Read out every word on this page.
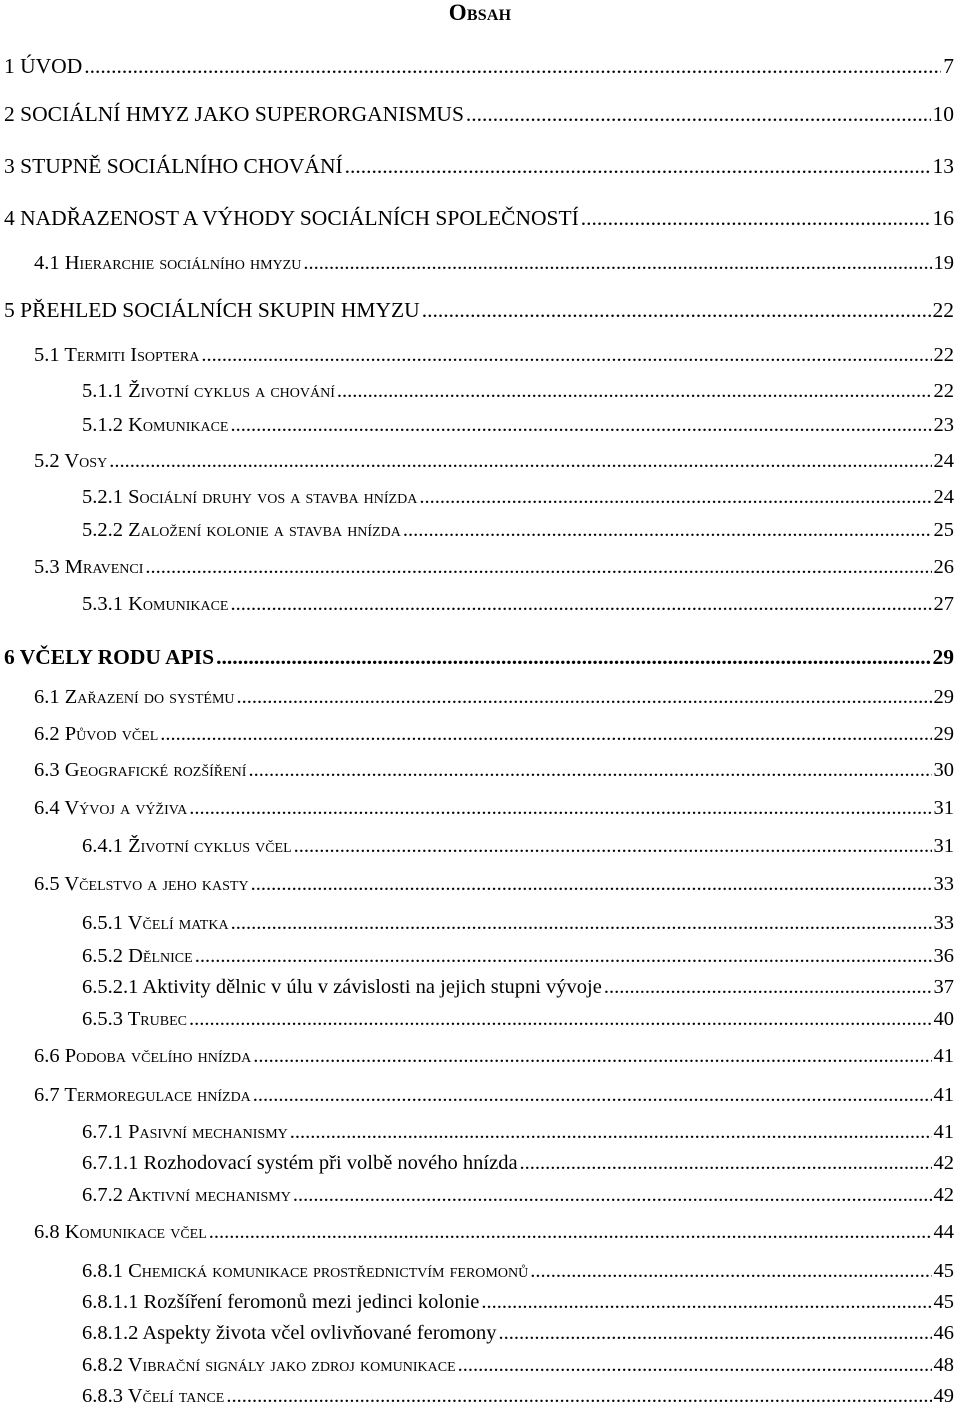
Obsah
1 ÚVOD .....	7
2 SOCIÁLNÍ HMYZ JAKO SUPERORGANISMUS .....	10
3 STUPNĚ SOCIÁLNÍHO CHOVÁNÍ .....	13
4 NADŘAZENOST A VÝHODY SOCIÁLNÍCH SPOLEČNOSTÍ .....	16
4.1 Hierarchie sociálního hmyzu .....	19
5 PŘEHLED SOCIÁLNÍCH SKUPIN HMYZU .....	22
5.1 Termiti Isoptera .....	22
5.1.1 Životní cyklus a chování .....	22
5.1.2 Komunikace .....	23
5.2 Vosy .....	24
5.2.1 Sociální druhy vos a stavba hnízda .....	24
5.2.2 Založení kolonie a stavba hnízda .....	25
5.3 Mravenci .....	26
5.3.1 Komunikace .....	27
6 VČELY RODU APIS .....	29
6.1 Zařazení do systému .....	29
6.2 Původ včel .....	29
6.3 Geografické rozšíření .....	30
6.4 Vývoj a výživa .....	31
6.4.1 Životní cyklus včel .....	31
6.5 Včelstvo a jeho kasty .....	33
6.5.1 Včelí matka .....	33
6.5.2 Dělnice .....	36
6.5.2.1 Aktivity dělnic v úlu v závislosti na jejich stupni vývoje .....	37
6.5.3 Trubec .....	40
6.6 Podoba včelího hnízda .....	41
6.7 Termoregulace hnízda .....	41
6.7.1 Pasivní mechanismy .....	41
6.7.1.1 Rozhodovací systém při volbě nového hnízda .....	42
6.7.2 Aktivní mechanismy .....	42
6.8 Komunikace včel .....	44
6.8.1 Chemická komunikace prostřednictvím feromonů .....	45
6.8.1.1 Rozšíření feromonů mezi jedinci kolonie .....	45
6.8.1.2 Aspekty života včel ovlivňované feromony .....	46
6.8.2 Vibrační signály jako zdroj komunikace .....	48
6.8.3 Včelí tance .....	49
